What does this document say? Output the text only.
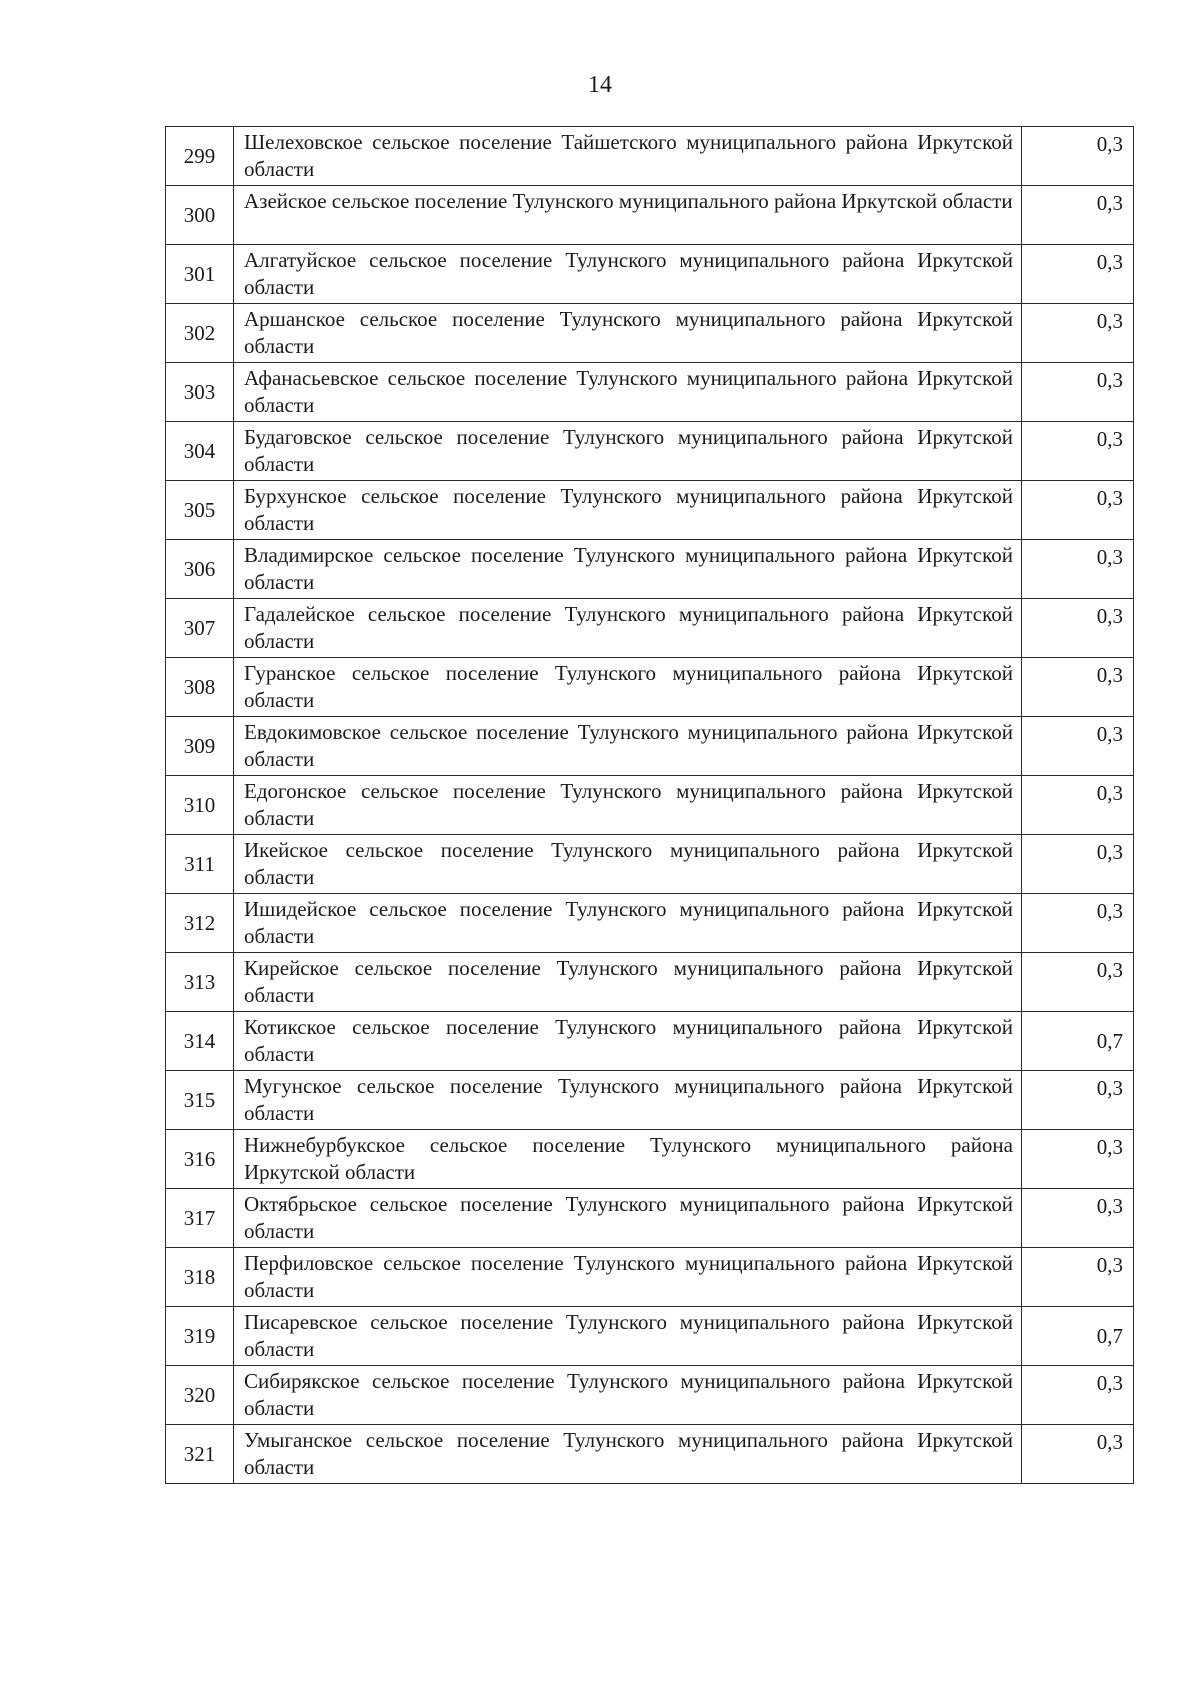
14
299	Шелеховское сельское поселение Тайшетского муниципального района Иркутской области	0,3
300	Азейское сельское поселение Тулунского муниципального района Иркутской области	0,3
301	Алгатуйское сельское поселение Тулунского муниципального района Иркутской области	0,3
302	Аршанское сельское поселение Тулунского муниципального района Иркутской области	0,3
303	Афанасьевское сельское поселение Тулунского муниципального района Иркутской области	0,3
304	Будаговское сельское поселение Тулунского муниципального района Иркутской области	0,3
305	Бурхунское сельское поселение Тулунского муниципального района Иркутской области	0,3
306	Владимирское сельское поселение Тулунского муниципального района Иркутской области	0,3
307	Гадалейское сельское поселение Тулунского муниципального района Иркутской области	0,3
308	Гуранское сельское поселение Тулунского муниципального района Иркутской области	0,3
309	Евдокимовское сельское поселение Тулунского муниципального района Иркутской области	0,3
310	Едогонское сельское поселение Тулунского муниципального района Иркутской области	0,3
311	Икейское сельское поселение Тулунского муниципального района Иркутской области	0,3
312	Ишидейское сельское поселение Тулунского муниципального района Иркутской области	0,3
313	Кирейское сельское поселение Тулунского муниципального района Иркутской области	0,3
314	Котикское сельское поселение Тулунского муниципального района Иркутской области	0,7
315	Мугунское сельское поселение Тулунского муниципального района Иркутской области	0,3
316	Нижнебурбукское сельское поселение Тулунского муниципального района Иркутской области	0,3
317	Октябрьское сельское поселение Тулунского муниципального района Иркутской области	0,3
318	Перфиловское сельское поселение Тулунского муниципального района Иркутской области	0,3
319	Писаревское сельское поселение Тулунского муниципального района Иркутской области	0,7
320	Сибирякское сельское поселение Тулунского муниципального района Иркутской области	0,3
321	Умыганское сельское поселение Тулунского муниципального района Иркутской области	0,3
